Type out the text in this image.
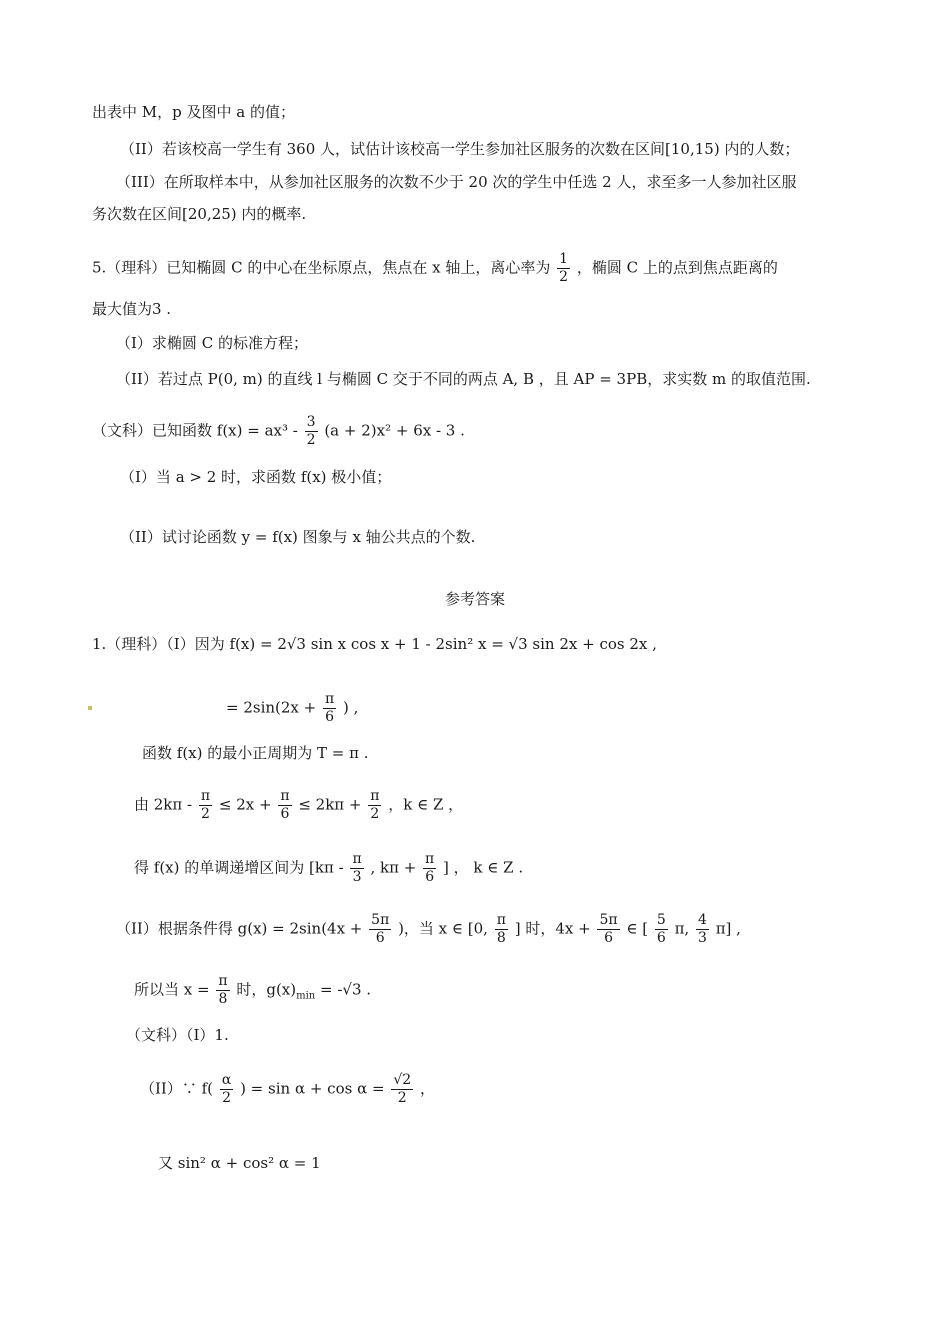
出表中 M，p 及图中 a 的值；
（II）若该校高一学生有 360 人，试估计该校高一学生参加社区服务的次数在区间[10,15) 内的人数；
（III）在所取样本中，从参加社区服务的次数不少于 20 次的学生中任选 2 人，求至多一人参加社区服
务次数在区间[20,25) 内的概率.
5.（理科）已知椭圆 C 的中心在坐标原点，焦点在 x 轴上，离心率为 $\frac{1}{2}$ ，椭圆 C 上的点到焦点距离的
最大值为3 .
（I）求椭圆 C 的标准方程；
（II）若过点 P(0, m) 的直线 l 与椭圆 C 交于不同的两点 A, B ，且 AP = 3PB，求实数 m 的取值范围.
（文科）已知函数 $f(x) = ax^3 - \frac{3}{2} (a + 2)x^2 + 6x - 3$ .
（I）当 a > 2 时，求函数 f(x) 极小值；
（II）试讨论函数 y = f(x) 图象与 x 轴公共点的个数.
参考答案
1.（理科）（I）因为 f(x) = 2√3 sin x cos x + 1 - 2sin² x = √3 sin 2x + cos 2x ,
= $2\sin(2x + \frac{\pi}{6}$ ) ,
函数 f(x) 的最小正周期为 T = π .
由 $2k\pi - \frac{\pi}{2} \le 2x + \frac{\pi}{6} \le 2k\pi + \frac{\pi}{2}$ ，k ∈ Z ，
得 f(x) 的单调递增区间为 [$k\pi - \frac{\pi}{3}$ , $k\pi + \frac{\pi}{6}$ ] ， k ∈ Z .
（II）根据条件得 $g(x) = 2\sin(4x + \frac{5\pi}{6}$ )，当 x ∈ [0, $\frac{\pi}{8}$ ] 时，$4x + \frac{5\pi}{6}$ ∈ [ $\frac{5}{6} \pi$, $\frac{4}{3} \pi$] ,
所以当 $x = \frac{\pi}{8}$ 时，$g(x)_{min} = -√3$ .
（文科）（I）1.
（II）∵ $f( \frac{\alpha}{2}$ ) = $\sin \alpha + \cos \alpha = \frac{√2}{2}$ ，
又 sin² α + cos² α = 1
